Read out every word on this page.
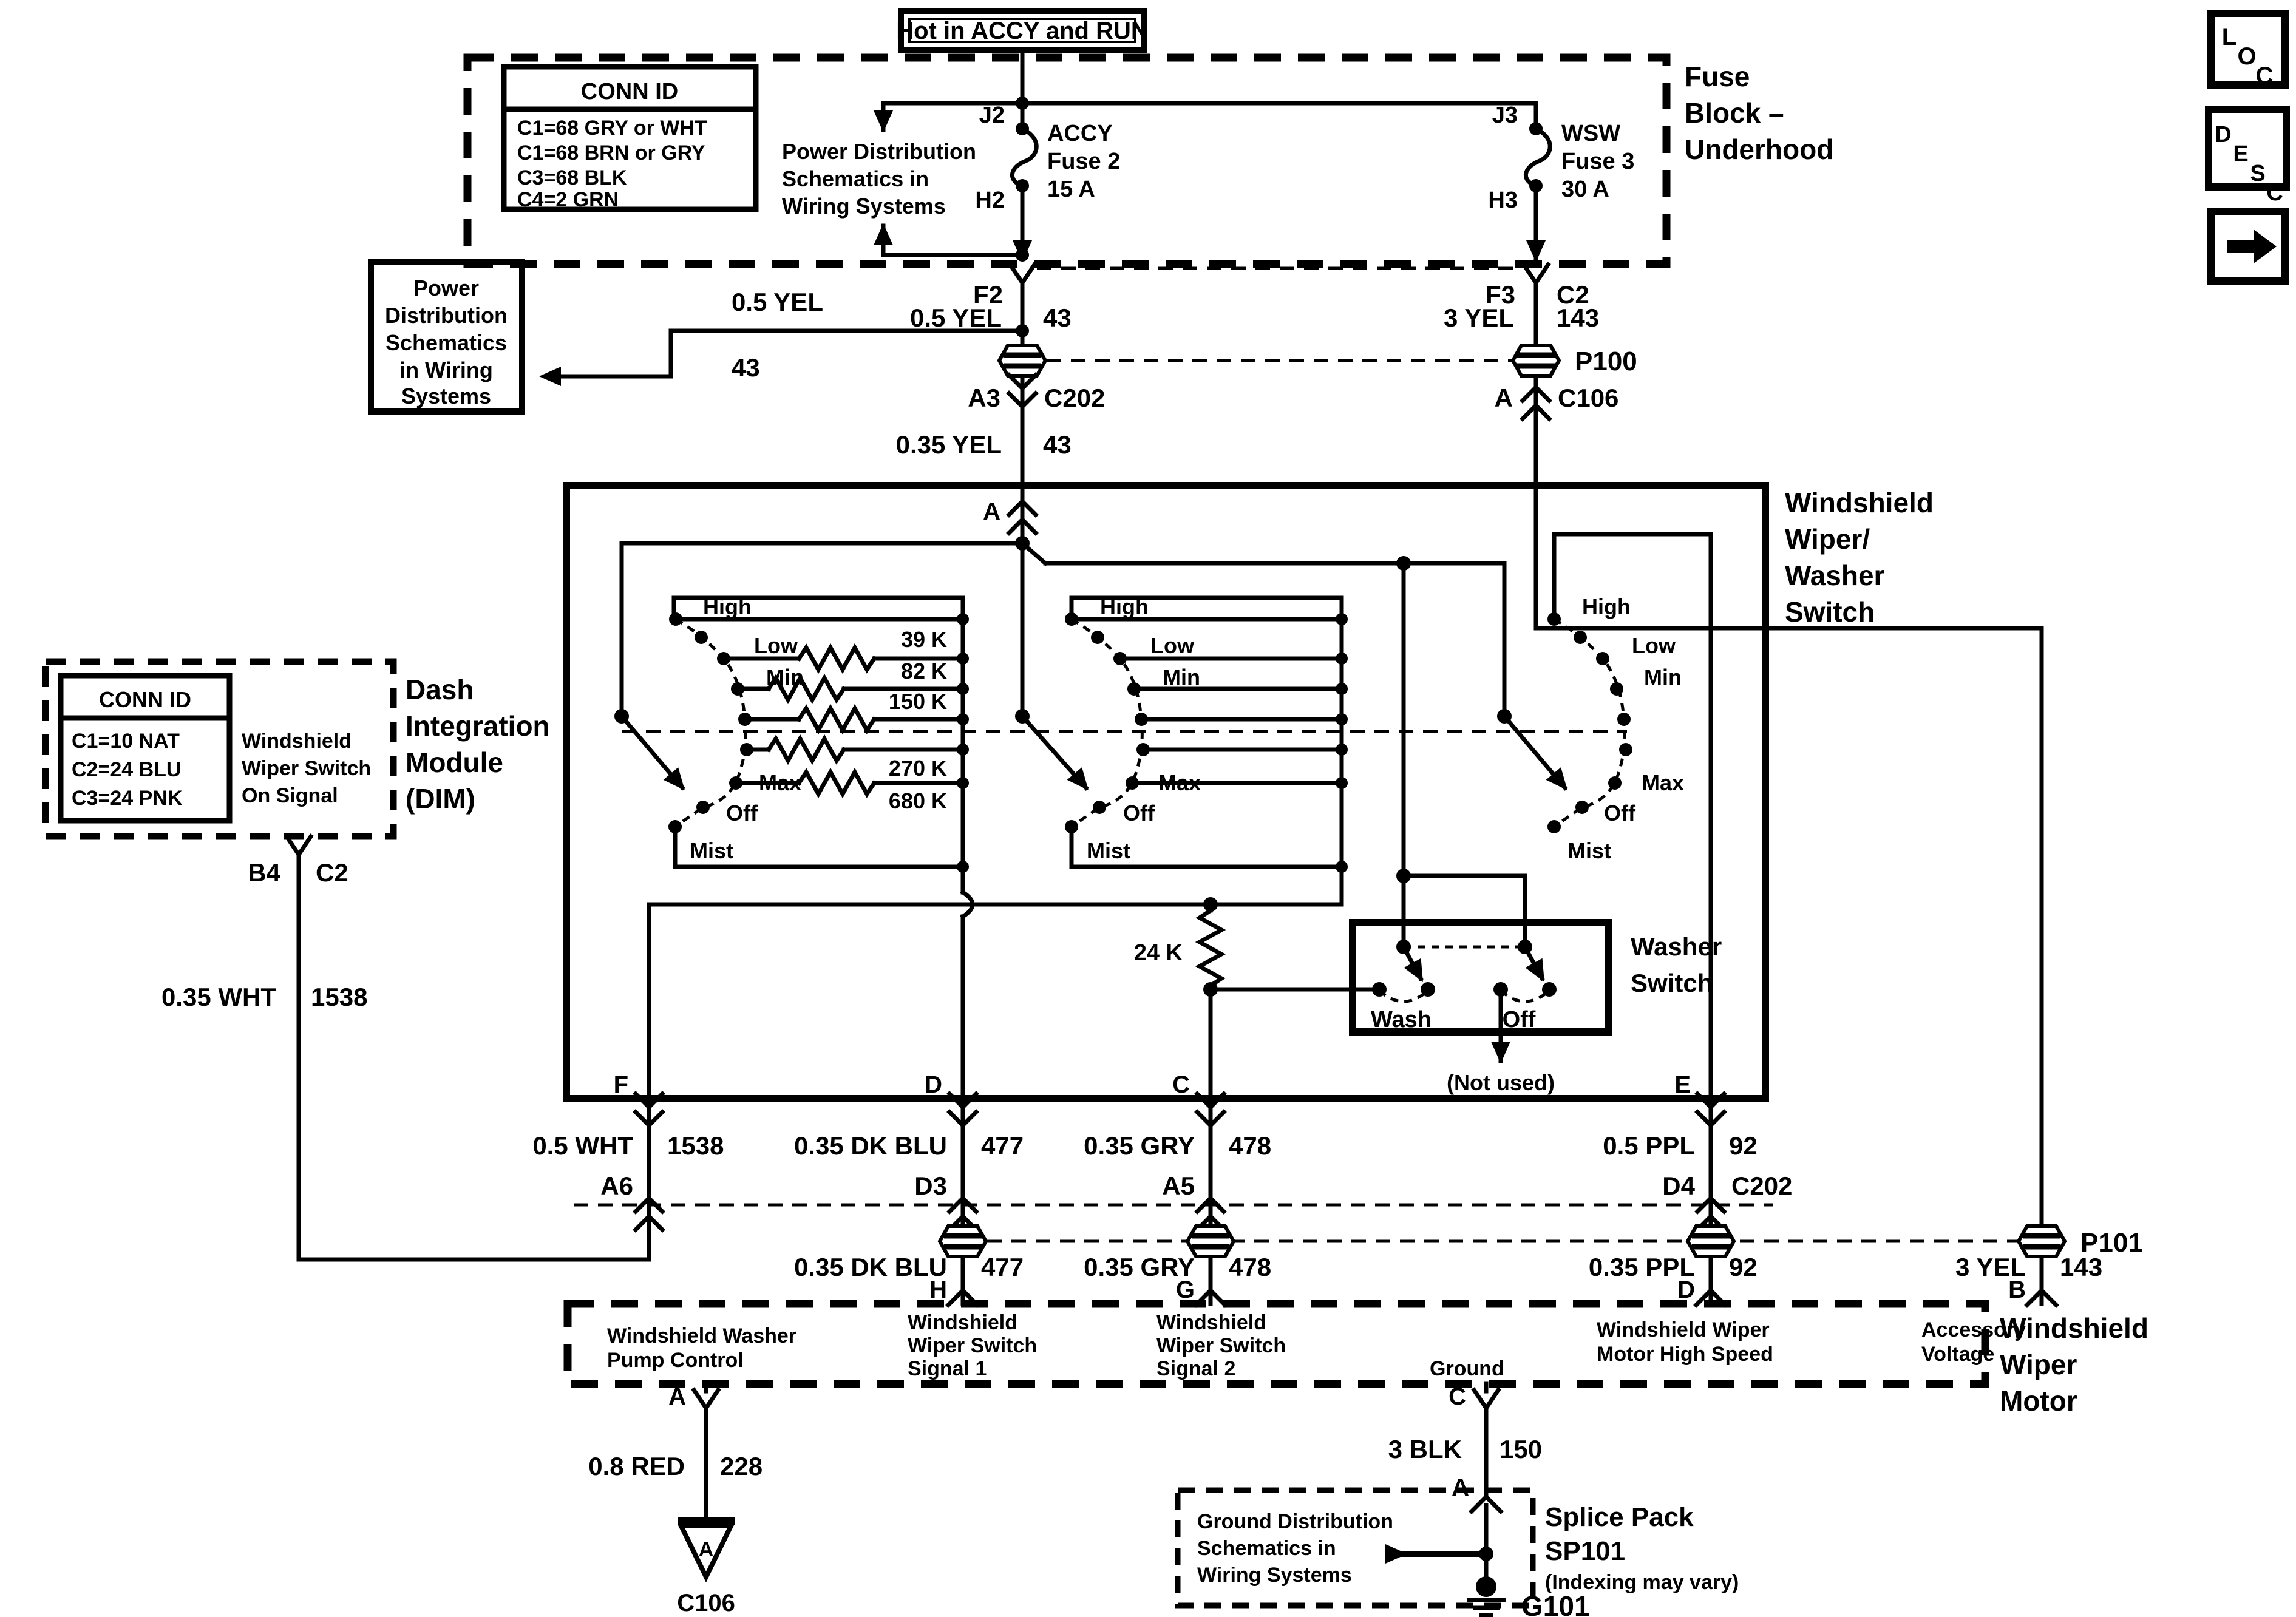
L
O
C
D
E
S
C
Hot in ACCY and RUN
Fuse
Block –
Underhood
CONN ID
C1=68 GRY or WHT
C1=68 BRN or GRY
C3=68 BLK
C4=2 GRN
Power Distribution
Schematics in
Wiring Systems
J2
H2
ACCY
Fuse 2
15 A
J3
H3
WSW
Fuse 3
30 A
Power
Distribution
Schematics
in Wiring
Systems
F2	F3 C2
0.5 YEL
43
0.5 YEL 43	3 YEL 143
P100
A3 C202	A C106
0.35 YEL 43
Windshield
Wiper/
Washer
Switch
A
High
Low
Min
Max
Off
Mist
39 K
82 K
150 K
270 K
680 K
High
Low
Min
Max
Off
Mist
High
Low
Min
Max
Off
Mist
24 K	Washer
Switch
Wash	Off
(Not used)
F	D	C	E
CONN ID
C1=10 NAT
C2=24 BLU
C3=24 PNK
Windshield
Wiper Switch
On Signal
Dash
Integration
Module
(DIM)
B4 C2
0.35 WHT 1538
0.5 WHT 1538	0.35 DK BLU 477 0.35 GRY 478	0.5 PPL 92
A6	D3	A5	D4 C202
P101
0.35 DK BLU 477 0.35 GRY 478	0.35 PPL 92	3 YEL 143
H	G	D	B
Windshield Washer
Pump Control
Windshield
Wiper Switch
Signal 1
Windshield
Wiper Switch
Signal 2	Ground
Windshield Wiper
Motor High Speed
Accessory
Voltage
Windshield
Wiper
Motor
A	C
0.8 RED 228
A
C106
3 BLK 150
A
Ground Distribution
Schematics in
Wiring Systems
Splice Pack
SP101
(Indexing may vary)
G101
